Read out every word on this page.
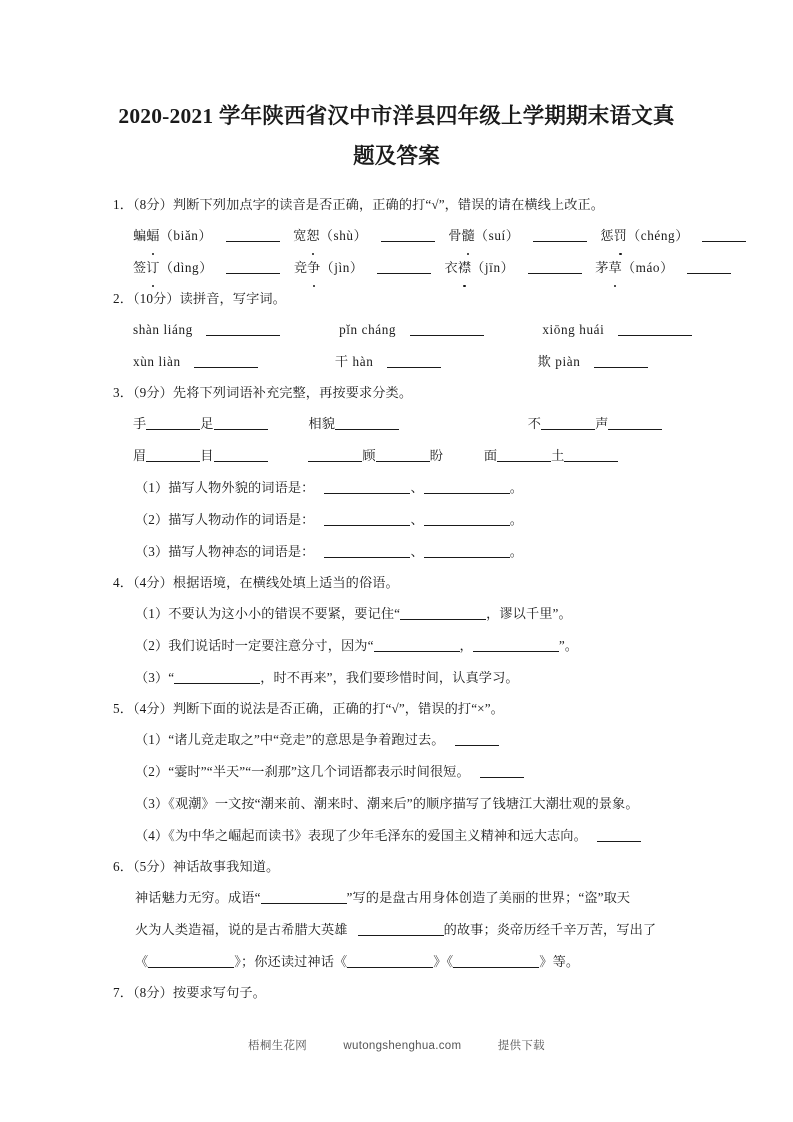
2020-2021 学年陕西省汉中市洋县四年级上学期期末语文真题及答案
1．（8分）判断下列加点字的读音是否正确，正确的打“√”，错误的请在横线上改正。
蝙蝠（biǎn）	宽恕（shù）	骨髓（suí）	惩罚（chéng）
签订（dìng）	竞争（jìn）	衣襟（jīn）	茅草（máo）
2．（10分）读拼音，写字词。
shàn liáng	pǐn cháng	xiōng huái
xùn liàn	干 hàn	欺 piàn
3．（9分）先将下列词语补充完整，再按要求分类。
手	足	相貌	不	声
眉	目	顾	盼	面	土
（1）描写人物外貌的词语是：	、	。
（2）描写人物动作的词语是：	、	。
（3）描写人物神态的词语是：	、	。
4．（4分）根据语境，在横线处填上适当的俗语。
（1）不要认为这小小的错误不要紧，要记住“	，谬以千里”。
（2）我们说话时一定要注意分寸，因为“	，	”。
（3）“	，时不再来”，我们要珍惜时间，认真学习。
5．（4分）判断下面的说法是否正确，正确的打“√”，错误的打“×”。
（1）“诸儿竞走取之”中“竞走”的意思是争着跑过去。
（2）“霎时”“半天”“一刹那”这几个词语都表示时间很短。
（3）《观潮》一文按“潮来前、潮来时、潮来后”的顺序描写了钱塘江大潮壮观的景象。
（4）《为中华之崛起而读书》表现了少年毛泽东的爱国主义精神和远大志向。
6．（5分）神话故事我知道。
神话魅力无穷。成语“	”写的是盘古用身体创造了美丽的世界；“盗”取天
火为人类造福，说的是古希腊大英雄	的故事；炎帝历经千辛万苦，写出了
《	》；你还读过神话《	》《	》等。
7．（8分）按要求写句子。
梧桐生花网	wutongshenghua.com	提供下载
